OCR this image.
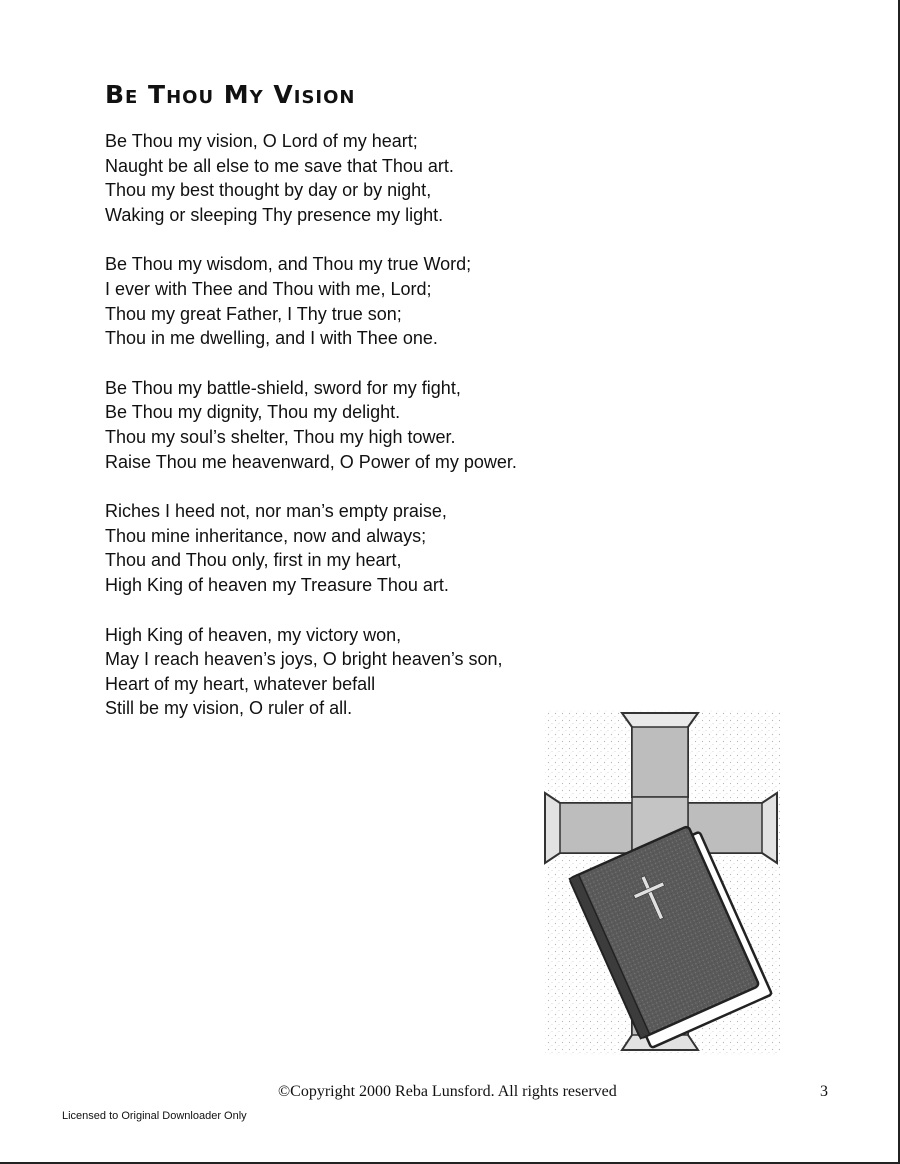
Be Thou My Vision
Be Thou my vision, O Lord of my heart;
Naught be all else to me save that Thou art.
Thou my best thought by day or by night,
Waking or sleeping Thy presence my light.
Be Thou my wisdom, and Thou my true Word;
I ever with Thee and Thou with me, Lord;
Thou my great Father, I Thy true son;
Thou in me dwelling, and I with Thee one.
Be Thou my battle-shield, sword for my fight,
Be Thou my dignity, Thou my delight.
Thou my soul’s shelter, Thou my high tower.
Raise Thou me heavenward, O Power of my power.
Riches I heed not, nor man’s empty praise,
Thou mine inheritance, now and always;
Thou and Thou only, first in my heart,
High King of heaven my Treasure Thou art.
High King of heaven, my victory won,
May I reach heaven’s joys, O bright heaven’s son,
Heart of my heart, whatever befall
Still be my vision, O ruler of all.
©Copyright 2000 Reba Lunsford. All rights reserved	3
Licensed to Original Downloader Only
